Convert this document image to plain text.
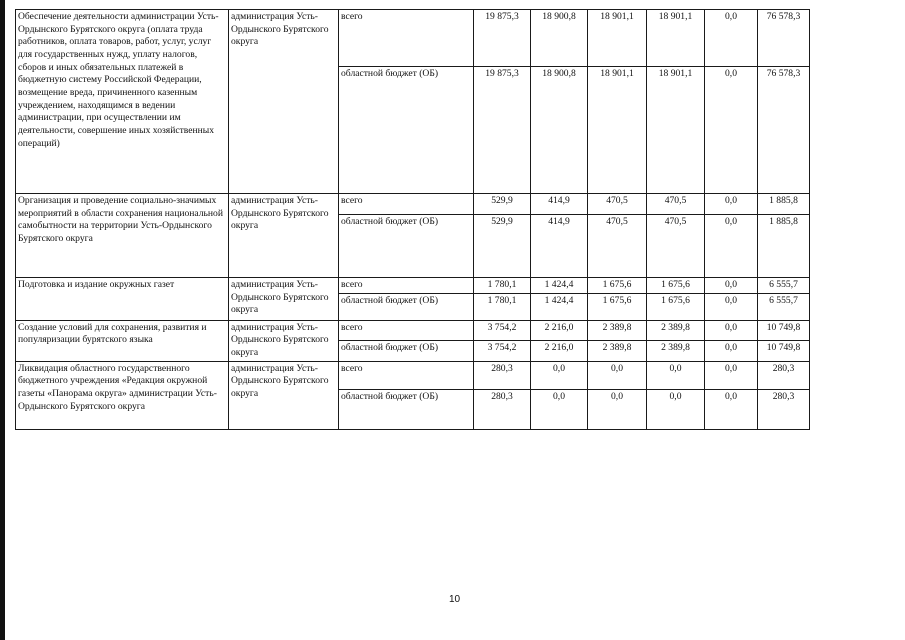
Обеспечение деятельности администрации Усть-Ордынского Бурятского округа (оплата труда работников, оплата товаров, работ, услуг, услуг для государственных нужд, уплату налогов, сборов и иных обязательных платежей в бюджетную систему Российской Федерации, возмещение вреда, причиненного казенным учреждением, находящимся в ведении администрации, при осуществлении им деятельности, совершение иных хозяйственных операций)	администрация Усть-Ордынского Бурятского округа	всего	19 875,3	18 900,8	18 901,1	18 901,1	0,0	76 578,3
		областной бюджет (ОБ)	19 875,3	18 900,8	18 901,1	18 901,1	0,0	76 578,3
Организация и проведение социально-значимых мероприятий в области сохранения национальной самобытности на территории Усть-Ордынского Бурятского округа	администрация Усть-Ордынского Бурятского округа	всего	529,9	414,9	470,5	470,5	0,0	1 885,8
		областной бюджет (ОБ)	529,9	414,9	470,5	470,5	0,0	1 885,8
Подготовка и издание окружных газет	администрация Усть-Ордынского Бурятского округа	всего	1 780,1	1 424,4	1 675,6	1 675,6	0,0	6 555,7
		областной бюджет (ОБ)	1 780,1	1 424,4	1 675,6	1 675,6	0,0	6 555,7
Создание условий для сохранения, развития и популяризации бурятского языка	администрация Усть-Ордынского Бурятского округа	всего	3 754,2	2 216,0	2 389,8	2 389,8	0,0	10 749,8
		областной бюджет (ОБ)	3 754,2	2 216,0	2 389,8	2 389,8	0,0	10 749,8
Ликвидация областного государственного бюджетного учреждения «Редакция окружной газеты «Панорама округа» администрации Усть-Ордынского Бурятского округа	администрация Усть-Ордынского Бурятского округа	всего	280,3	0,0	0,0	0,0	0,0	280,3
		областной бюджет (ОБ)	280,3	0,0	0,0	0,0	0,0	280,3
10
